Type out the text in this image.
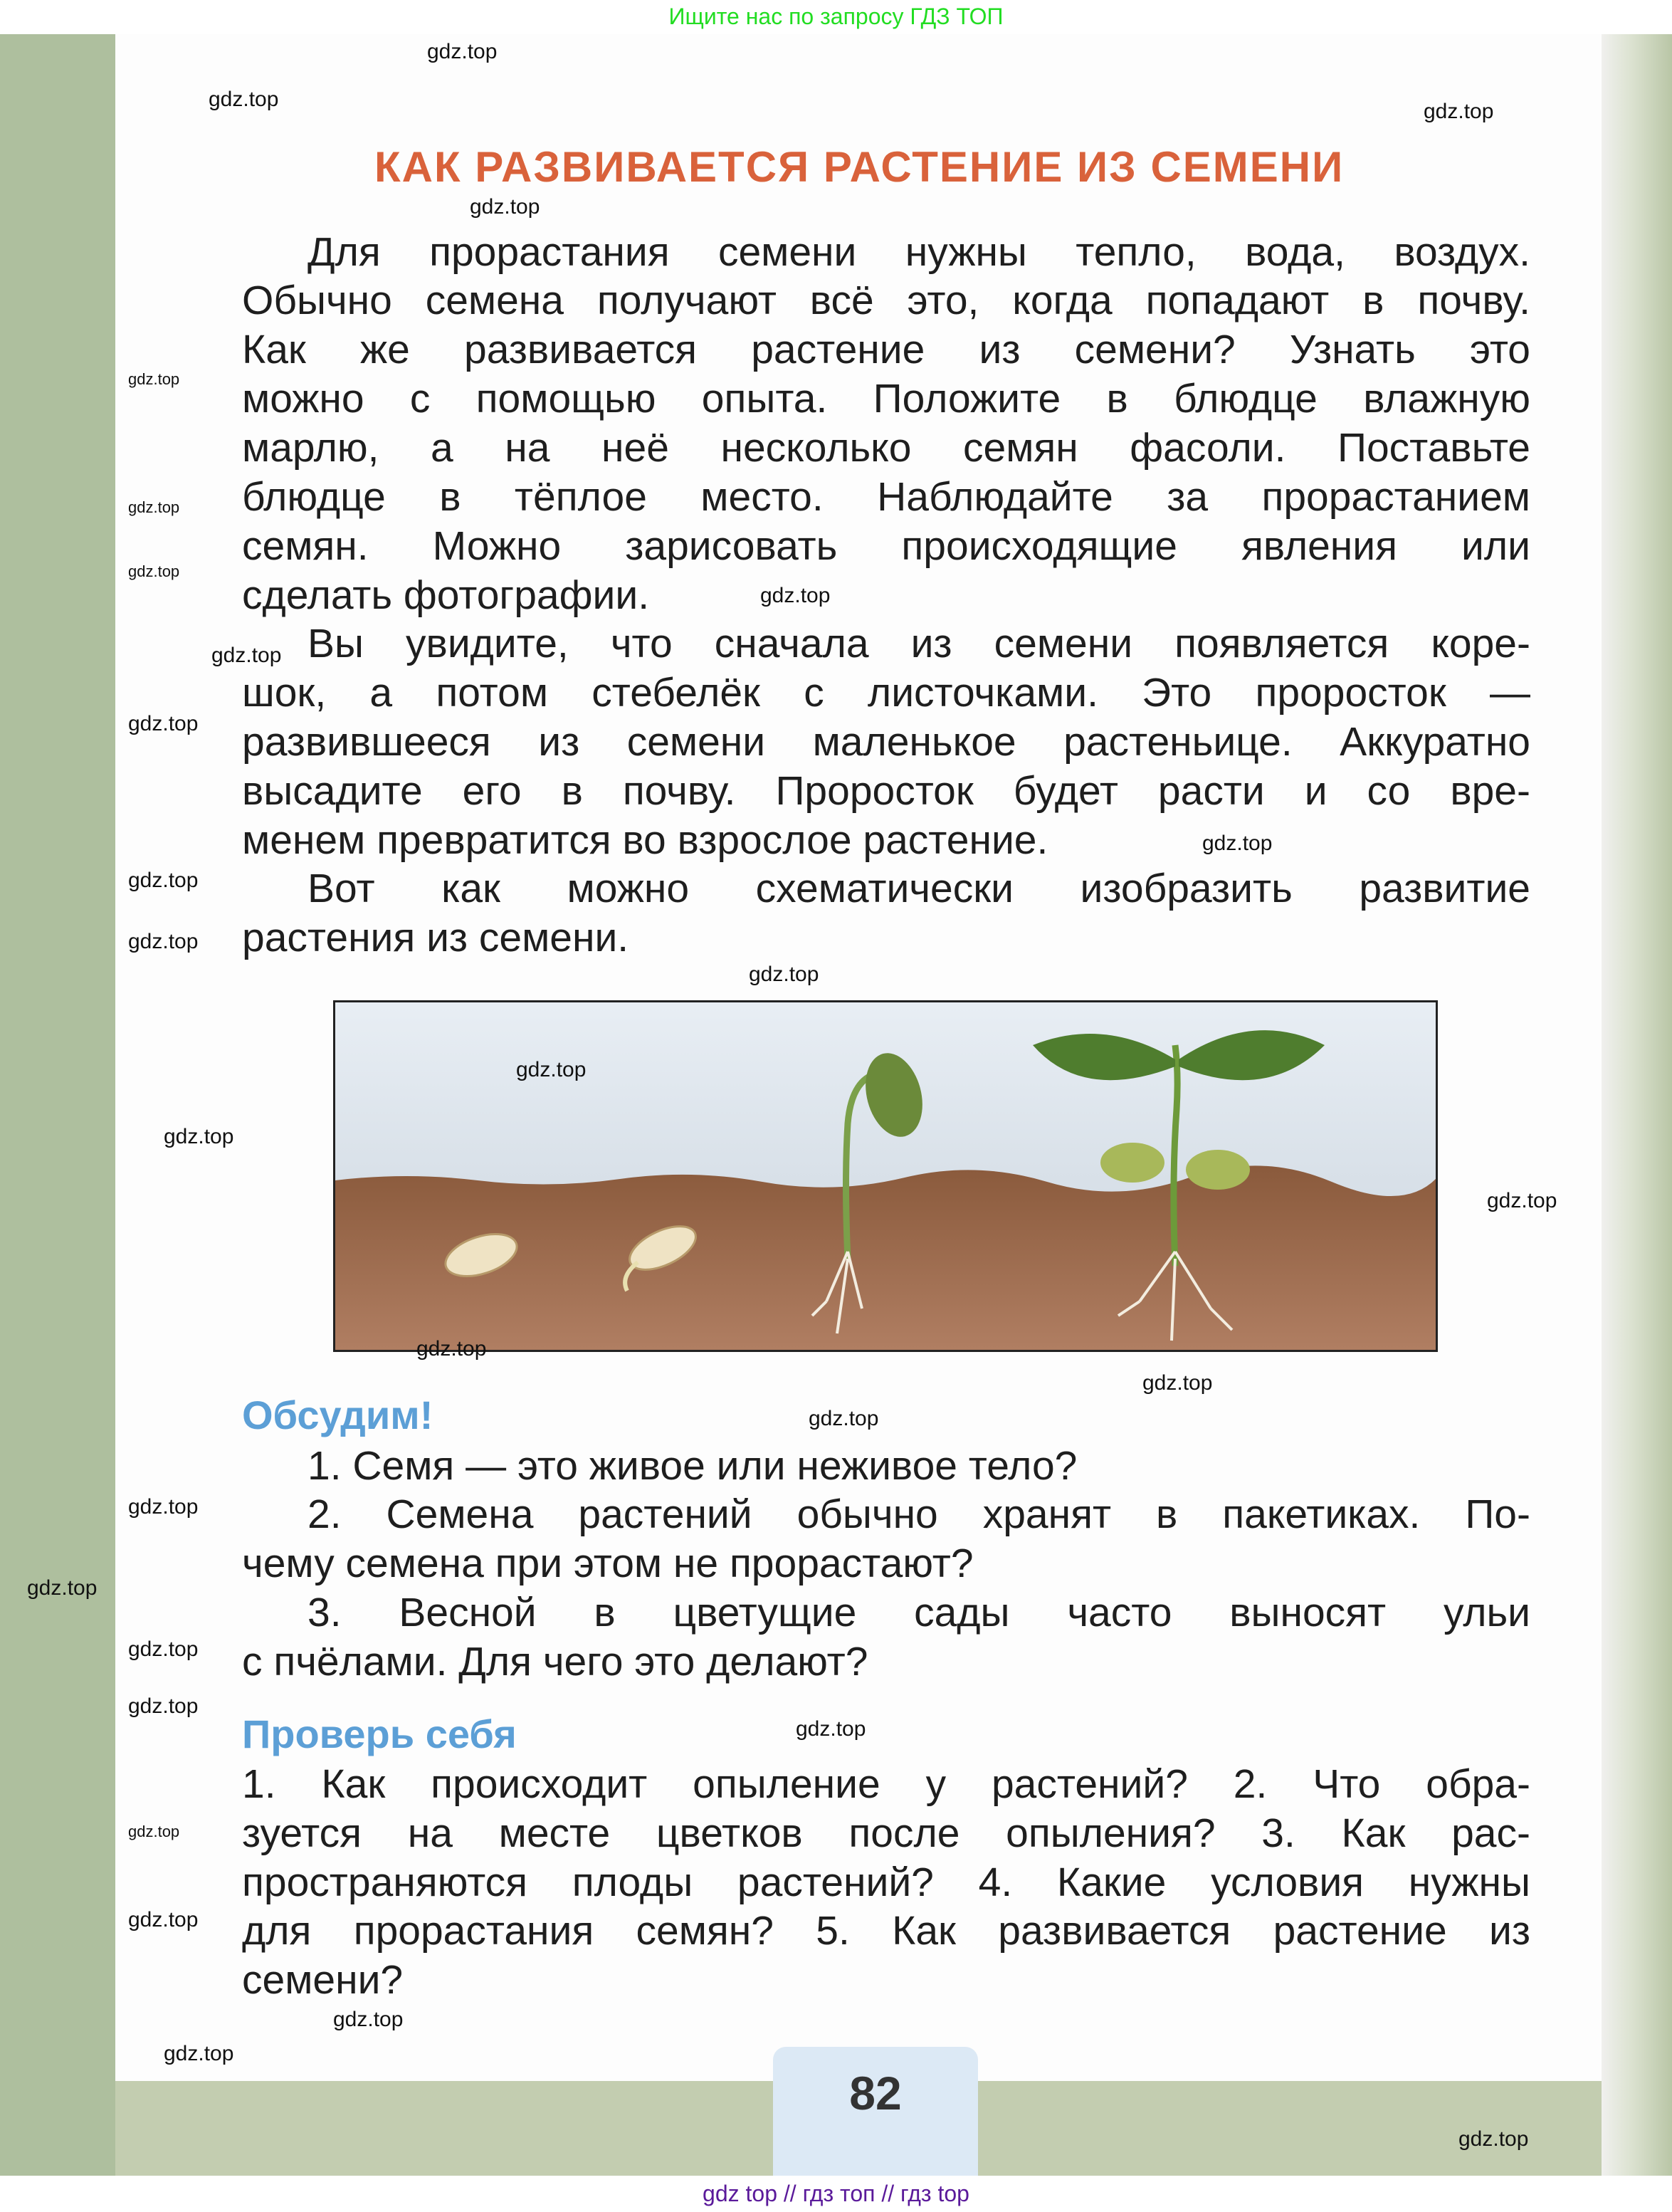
Ищите нас по запросу ГДЗ ТОП
КАК РАЗВИВАЕТСЯ РАСТЕНИЕ ИЗ СЕМЕНИ
Для прорастания семени нужны тепло, вода, воздух.
Обычно семена получают всё это, когда попадают в почву.
Как же развивается растение из семени? Узнать это
можно с помощью опыта. Положите в блюдце влажную
марлю, а на неё несколько семян фасоли. Поставьте
блюдце в тёплое место. Наблюдайте за прорастанием
семян. Можно зарисовать происходящие явления или
сделать фотографии.
Вы увидите, что сначала из семени появляется коре-
шок, а потом стебелёк с листочками. Это проросток —
развившееся из семени маленькое растеньице. Аккуратно
высадите его в почву. Проросток будет расти и со вре-
менем превратится во взрослое растение.
Вот как можно схематически изобразить развитие
растения из семени.
Обсудим!
1. Семя — это живое или неживое тело?
2. Семена растений обычно хранят в пакетиках. По-
чему семена при этом не прорастают?
3. Весной в цветущие сады часто выносят ульи
с пчёлами. Для чего это делают?
Проверь себя
1. Как происходит опыление у растений? 2. Что обра-
зуется на месте цветков после опыления? 3. Как рас-
пространяются плоды растений? 4. Какие условия нужны
для прорастания семян? 5. Как развивается растение из
семени?
82
gdz top // гдз топ // гдз top
gdz.top
gdz.top
gdz.top
gdz.top
gdz.top
gdz.top
gdz.top
gdz.top
gdz.top
gdz.top
gdz.top
gdz.top
gdz.top
gdz.top
gdz.top
gdz.top
gdz.top
gdz.top
gdz.top
gdz.top
gdz.top
gdz.top
gdz.top
gdz.top
gdz.top
gdz.top
gdz.top
gdz.top
gdz.top
gdz.top
